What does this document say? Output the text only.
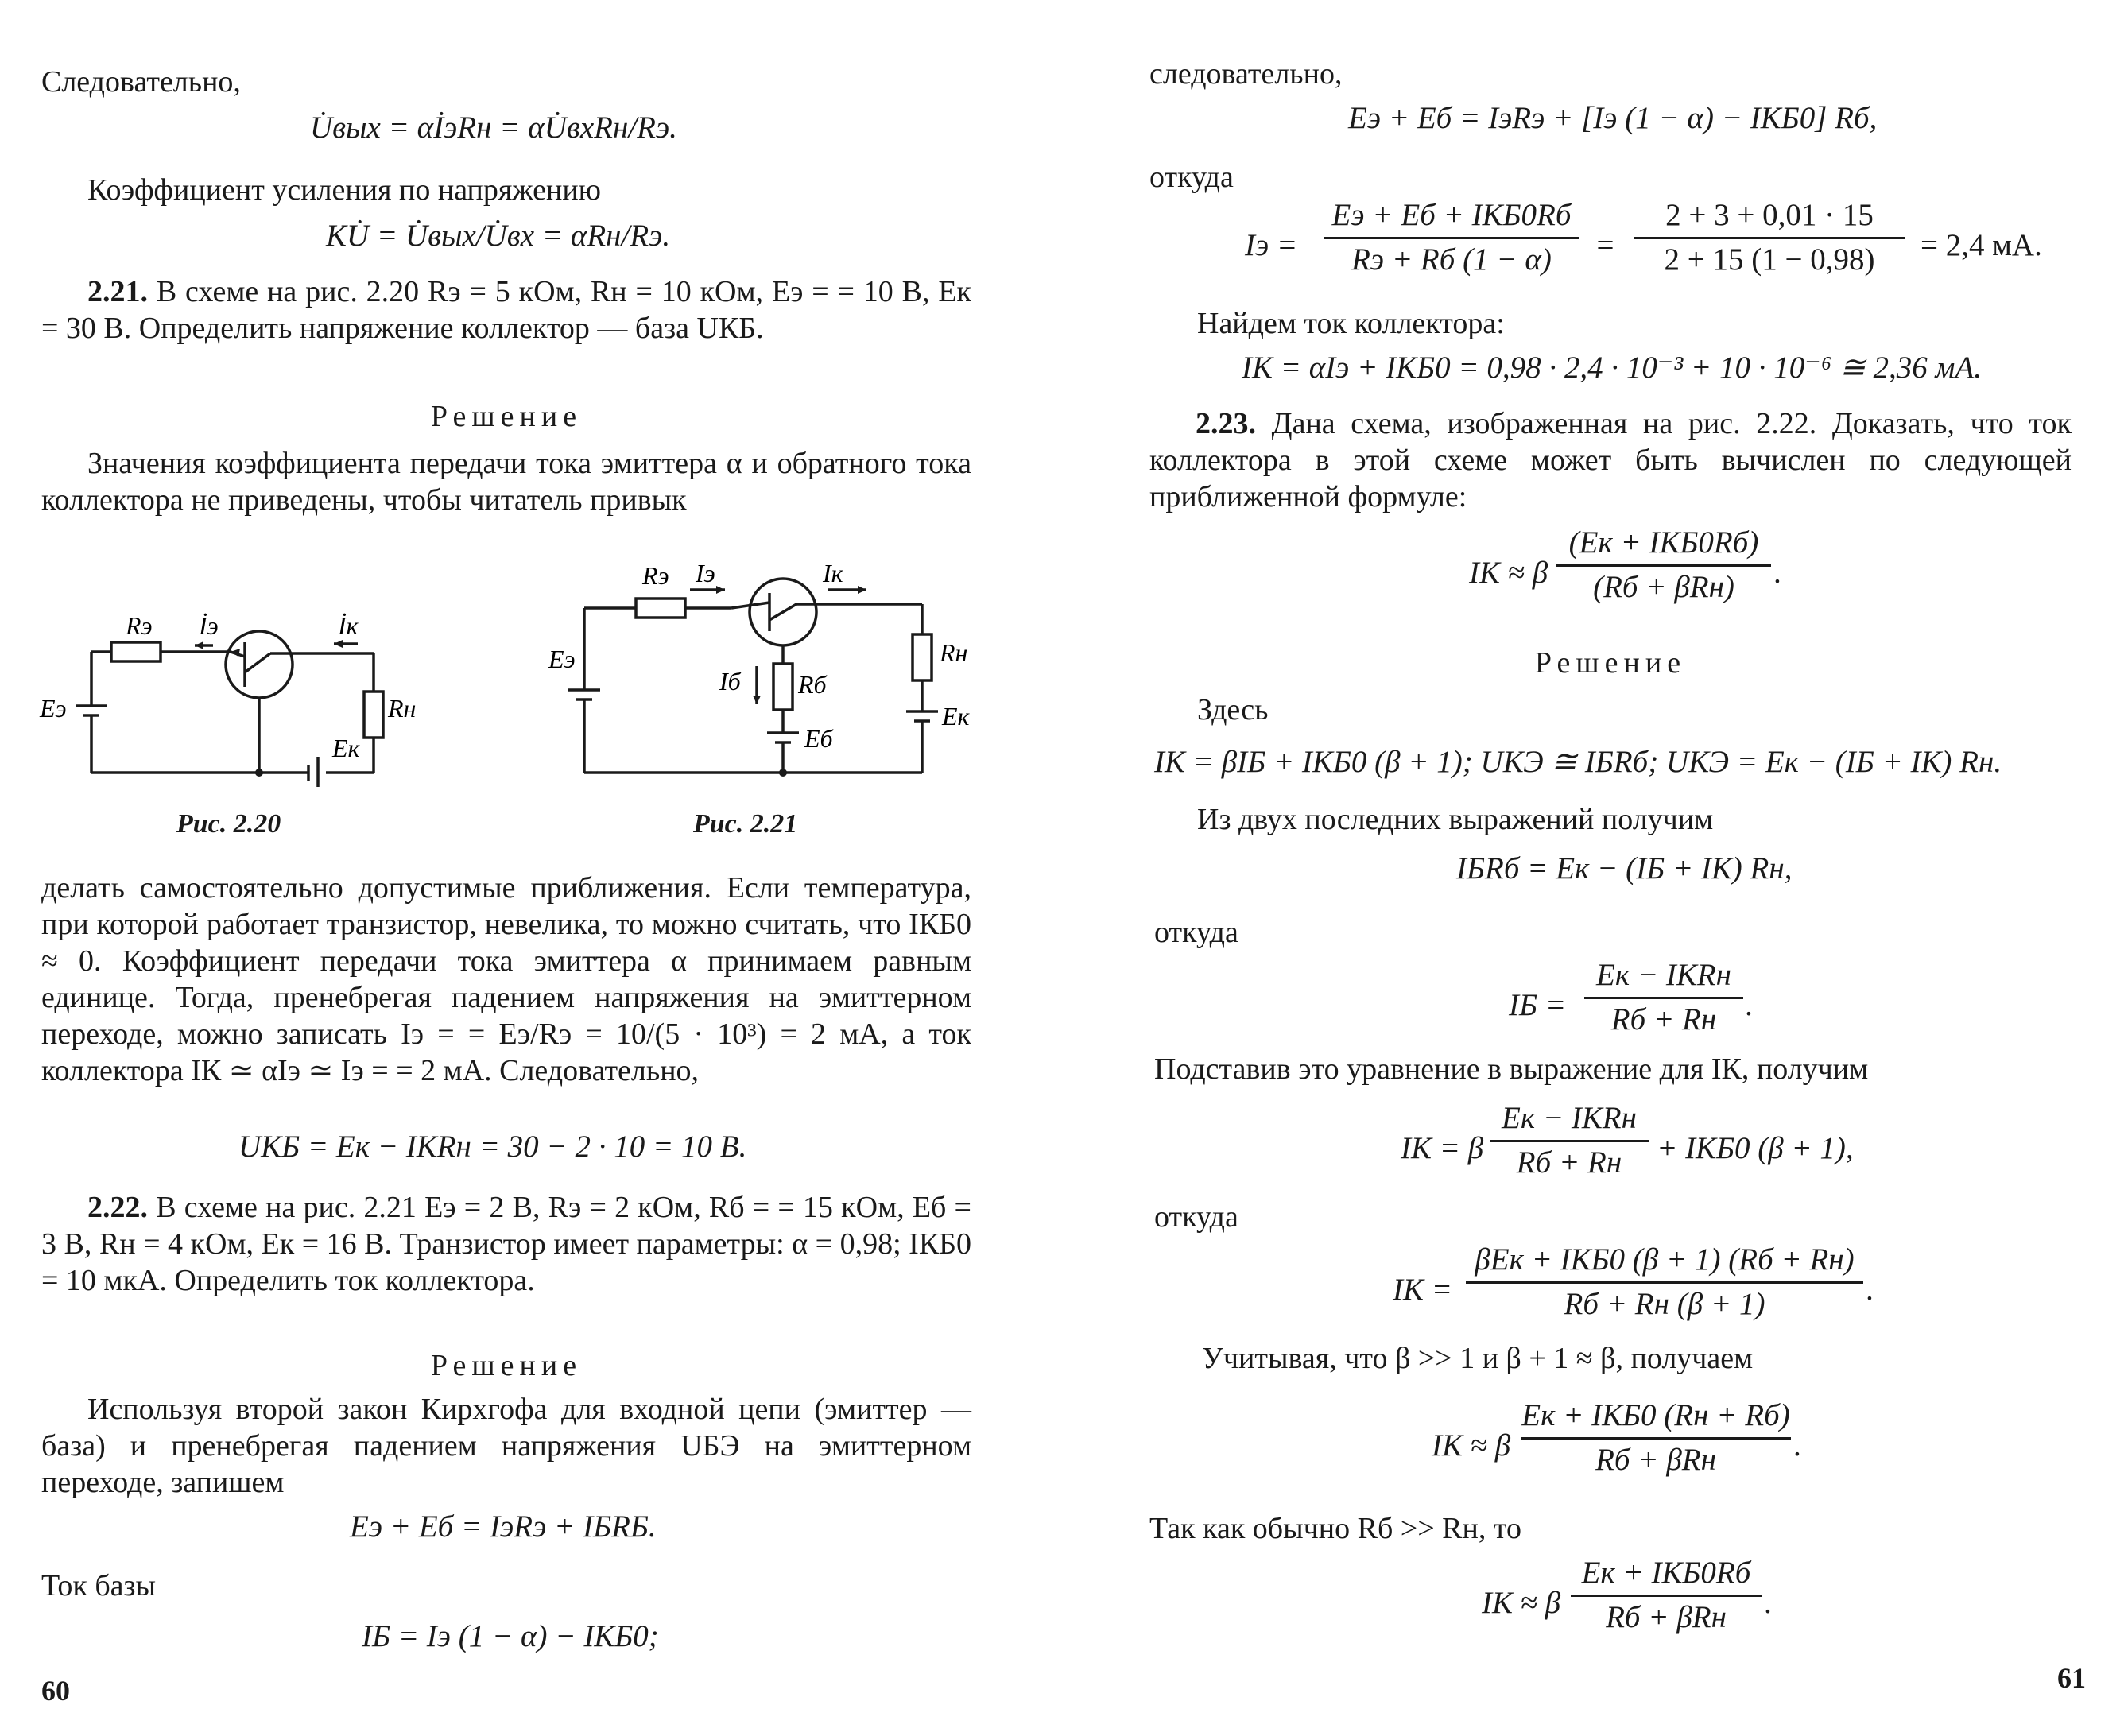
Следовательно,
U̇вых = αİэRн = αU̇вхRн/Rэ.
Коэффициент усиления по напряжению
KU̇ = U̇вых/U̇вх = αRн/Rэ.
2.21. В схеме на рис. 2.20 Rэ = 5 кОм, Rн = 10 кОм, Eэ = = 10 В, Eк = 30 В. Определить напряжение коллектор — база UКБ.
Решение
Значения коэффициента передачи тока эмиттера α и обратного тока коллектора не приведены, чтобы читатель привык
Rэ İэ	İк
Rн
Eэ
Eк
Рис. 2.20
Rэ Iэ	Iк
Rн
Eэ
Iб Rб
Eб
Eк
Рис. 2.21
делать самостоятельно допустимые приближения. Если температура, при которой работает транзистор, невелика, то можно считать, что IКБ0 ≈ 0. Коэффициент передачи тока эмиттера α принимаем равным единице. Тогда, пренебрегая падением напряжения на эмиттерном переходе, можно записать Iэ = = Eэ/Rэ = 10/(5 · 10³) = 2 мА, а ток коллектора IК ≃ αIэ ≃ Iэ = = 2 мА. Следовательно,
UКБ = Eк − IКRн = 30 − 2 · 10 = 10 В.
2.22. В схеме на рис. 2.21 Eэ = 2 В, Rэ = 2 кОм, Rб = = 15 кОм, Eб = 3 В, Rн = 4 кОм, Eк = 16 В. Транзистор имеет параметры: α = 0,98; IКБ0 = 10 мкА. Определить ток коллектора.
Решение
Используя второй закон Кирхгофа для входной цепи (эмиттер — база) и пренебрегая падением напряжения UБЭ на эмиттерном переходе, запишем
Eэ + Eб = IэRэ + IБRБ.
Ток базы
IБ = Iэ (1 − α) − IКБ0;
60
следовательно,
Eэ + Eб = IэRэ + [Iэ (1 − α) − IКБ0] Rб,
откуда
Iэ =
Eэ + Eб + IКБ0Rб
Rэ + Rб (1 − α)	=
2 + 3 + 0,01 · 15
2 + 15 (1 − 0,98)	= 2,4 мА.
Найдем ток коллектора:
IК = αIэ + IКБ0 = 0,98 · 2,4 · 10⁻³ + 10 · 10⁻⁶ ≅ 2,36 мА.
2.23. Дана схема, изображенная на рис. 2.22. Доказать, что ток коллектора в этой схеме может быть вычислен по следующей приближенной формуле:
IК ≈ β
(Eк + IКБ0Rб)
(Rб + βRн)	.
Решение
Здесь
IК = βIБ + IКБ0 (β + 1); UКЭ ≅ IБRб; UКЭ = Eк − (IБ + IК) Rн.
Из двух последних выражений получим
IБRб = Eк − (IБ + IК) Rн,
откуда
IБ =
Eк − IКRн
Rб + Rн .
Подставив это уравнение в выражение для IК, получим
IК = β
Eк − IКRн
Rб + Rн	+ IКБ0 (β + 1),
откуда
IК =
βEк + IКБ0 (β + 1) (Rб + Rн)
Rб + Rн (β + 1)	.
Учитывая, что β >> 1 и β + 1 ≈ β, получаем
IК ≈ β
Eк + IКБ0 (Rн + Rб)
Rб + βRн	.
Так как обычно Rб >> Rн, то
IК ≈ β
Eк + IКБ0Rб
Rб + βRн	.
61
